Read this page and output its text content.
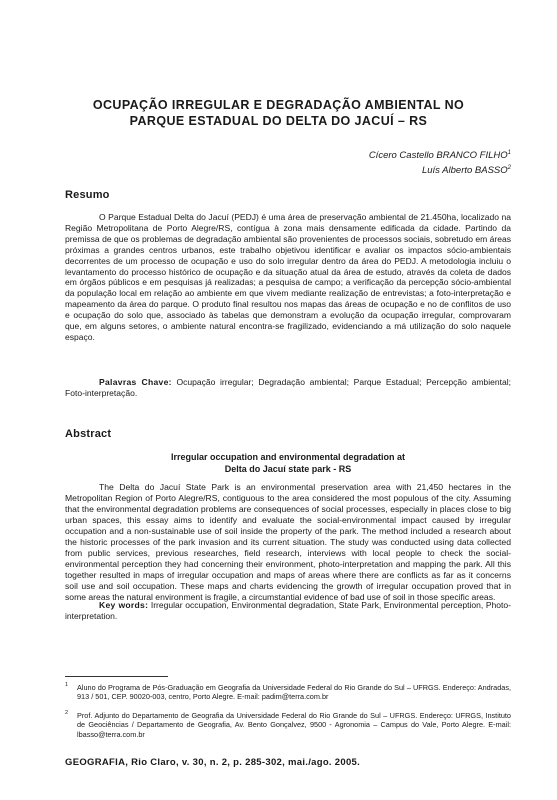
OCUPAÇÃO IRREGULAR E DEGRADAÇÃO AMBIENTAL NO
PARQUE ESTADUAL DO DELTA DO JACUÍ – RS

Cícero Castello BRANCO FILHO$^1$

Luís Alberto BASSO$^2$

Resumo

O Parque Estadual Delta do Jacuí (PEDJ) é uma área de preservação ambiental de 21.450ha, localizado na Região Metropolitana de Porto Alegre/RS, contígua à zona mais densamente edificada da cidade. Partindo da premissa de que os problemas de degradação ambiental são provenientes de processos sociais, sobretudo em áreas próximas a grandes centros urbanos, este trabalho objetivou identificar e avaliar os impactos sócio-ambientais decorrentes de um processo de ocupação e uso do solo irregular dentro da área do PEDJ. A metodologia incluiu o levantamento do processo histórico de ocupação e da situação atual da área de estudo, através da coleta de dados em órgãos públicos e em pesquisas já realizadas; a pesquisa de campo; a verificação da percepção sócio-ambiental da população local em relação ao ambiente em que vivem mediante realização de entrevistas; a foto-interpretação e mapeamento da área do parque. O produto final resultou nos mapas das áreas de ocupação e no de conflitos de uso e ocupação do solo que, associado às tabelas que demonstram a evolução da ocupação irregular, comprovaram que, em alguns setores, o ambiente natural encontra-se fragilizado, evidenciando a má utilização do solo naquele espaço.

Palavras Chave: Ocupação irregular; Degradação ambiental; Parque Estadual; Percepção ambiental; Foto-interpretação.

Abstract

Irregular occupation and environmental degradation at
Delta do Jacuí state park - RS

The Delta do Jacuí State Park is an environmental preservation area with 21,450 hectares in the Metropolitan Region of Porto Alegre/RS, contiguous to the area considered the most populous of the city. Assuming that the environmental degradation problems are consequences of social processes, especially in places close to big urban spaces, this essay aims to identify and evaluate the social-environmental impact caused by irregular occupation and a non-sustainable use of soil inside the property of the park. The method included a research about the historic processes of the park invasion and its current situation. The study was conducted using data collected from public services, previous researches, field research, interviews with local people to check the social-environmental perception they had concerning their environment, photo-interpretation and mapping the park. All this together resulted in maps of irregular occupation and maps of areas where there are conflicts as far as it concerns soil use and soil occupation. These maps and charts evidencing the growth of irregular occupation proved that in some areas the natural environment is fragile, a circumstantial evidence of bad use of soil in those specific areas.

Key words: Irregular occupation, Environmental degradation, State Park, Environmental perception, Photo-interpretation.

1 Aluno do Programa de Pós-Graduação em Geografia da Universidade Federal do Rio Grande do Sul – UFRGS. Endereço: Andradas, 913 / 501, CEP. 90020-003, centro, Porto Alegre. E-mail: padim@terra.com.br

2 Prof. Adjunto do Departamento de Geografia da Universidade Federal do Rio Grande do Sul – UFRGS. Endereço: UFRGS, Instituto de Geociências / Departamento de Geografia, Av. Bento Gonçalvez, 9500 - Agronomia – Campus do Vale, Porto Alegre. E-mail: lbasso@terra.com.br

GEOGRAFIA, Rio Claro, v. 30, n. 2, p. 285-302, mai./ago. 2005.
